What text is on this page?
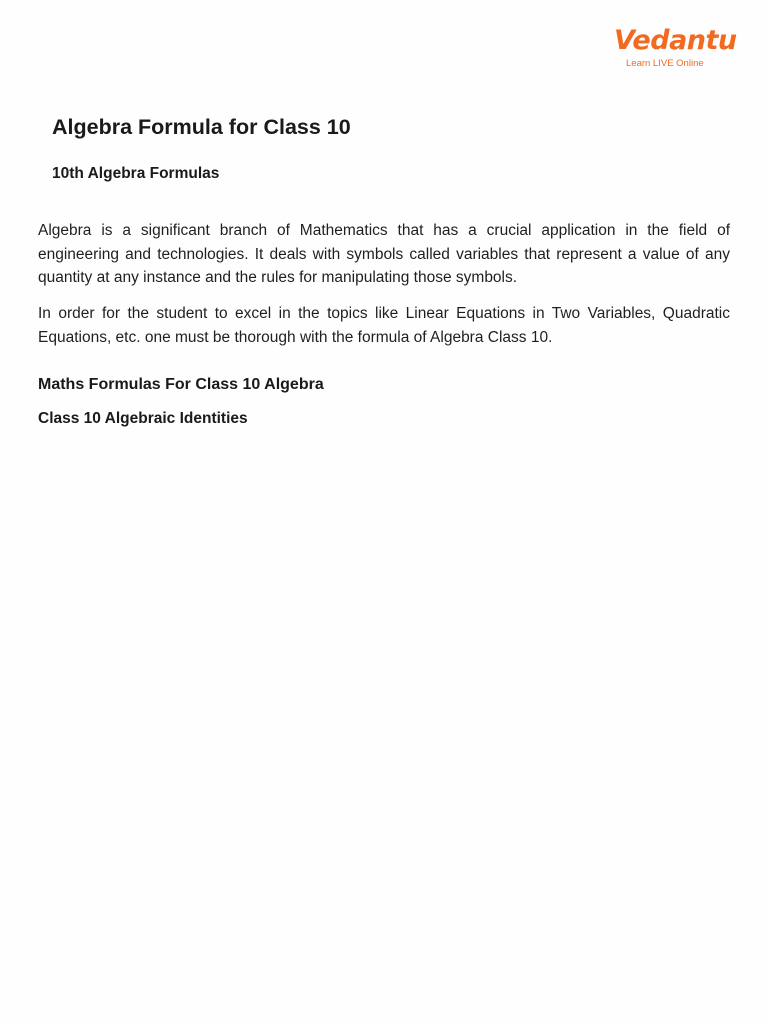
Vedantu
Learn LIVE Online
Algebra Formula for Class 10
10th Algebra Formulas

Algebra is a significant branch of Mathematics that has a crucial application in the field of engineering and technologies. It deals with symbols called variables that represent a value of any quantity at any instance and the rules for manipulating those symbols.

In order for the student to excel in the topics like Linear Equations in Two Variables, Quadratic Equations, etc. one must be thorough with the formula of Algebra Class 10.

Maths Formulas For Class 10 Algebra
Class 10 Algebraic Identities
